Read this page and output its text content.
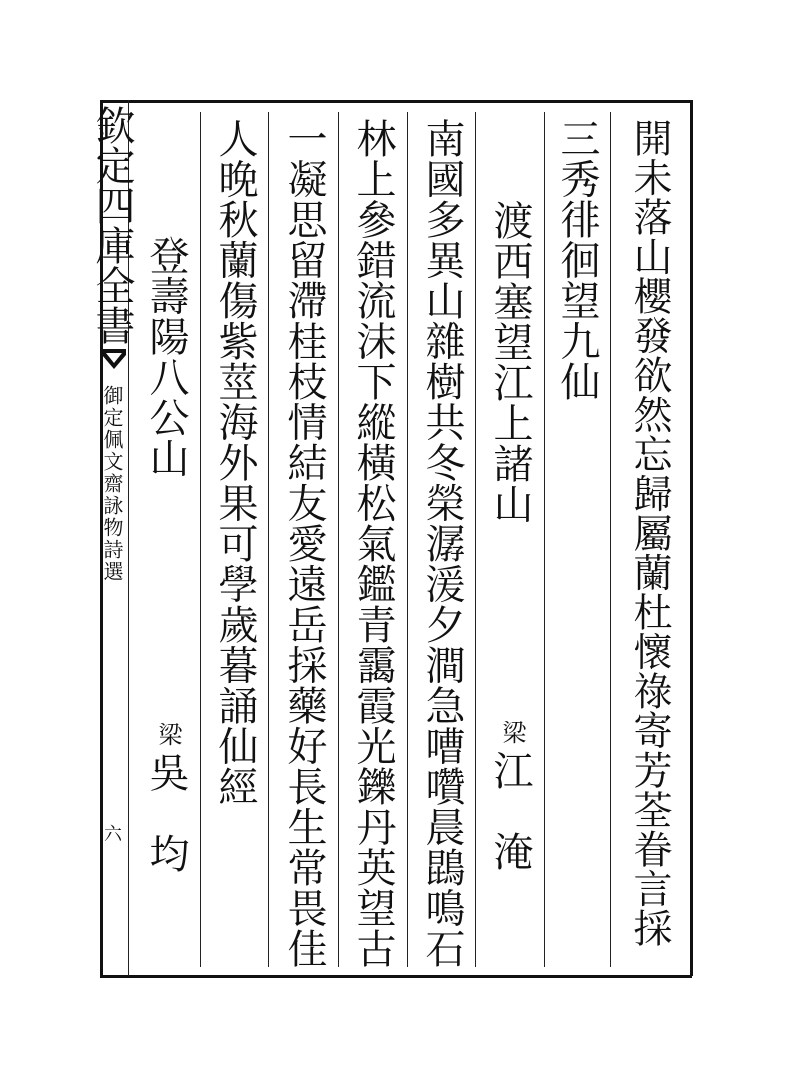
欽定四庫全書
御定佩文齋詠物詩選
六	開未落山櫻發欲然忘歸屬蘭杜懷祿寄芳荃眷言採
三秀徘徊望九仙
渡西塞望江上諸山
梁
江　淹
南國多異山雜樹共冬榮潺湲夕澗急嘈囋晨鵾鳴石
林上參錯流沫下縱橫松氣鑑青靄霞光鑠丹英望古
一凝思留滯桂枝情結友愛遠岳採藥好長生常畏佳
人晚秋蘭傷紫莖海外果可學歲暮誦仙經
登壽陽八公山
梁
吳　均
